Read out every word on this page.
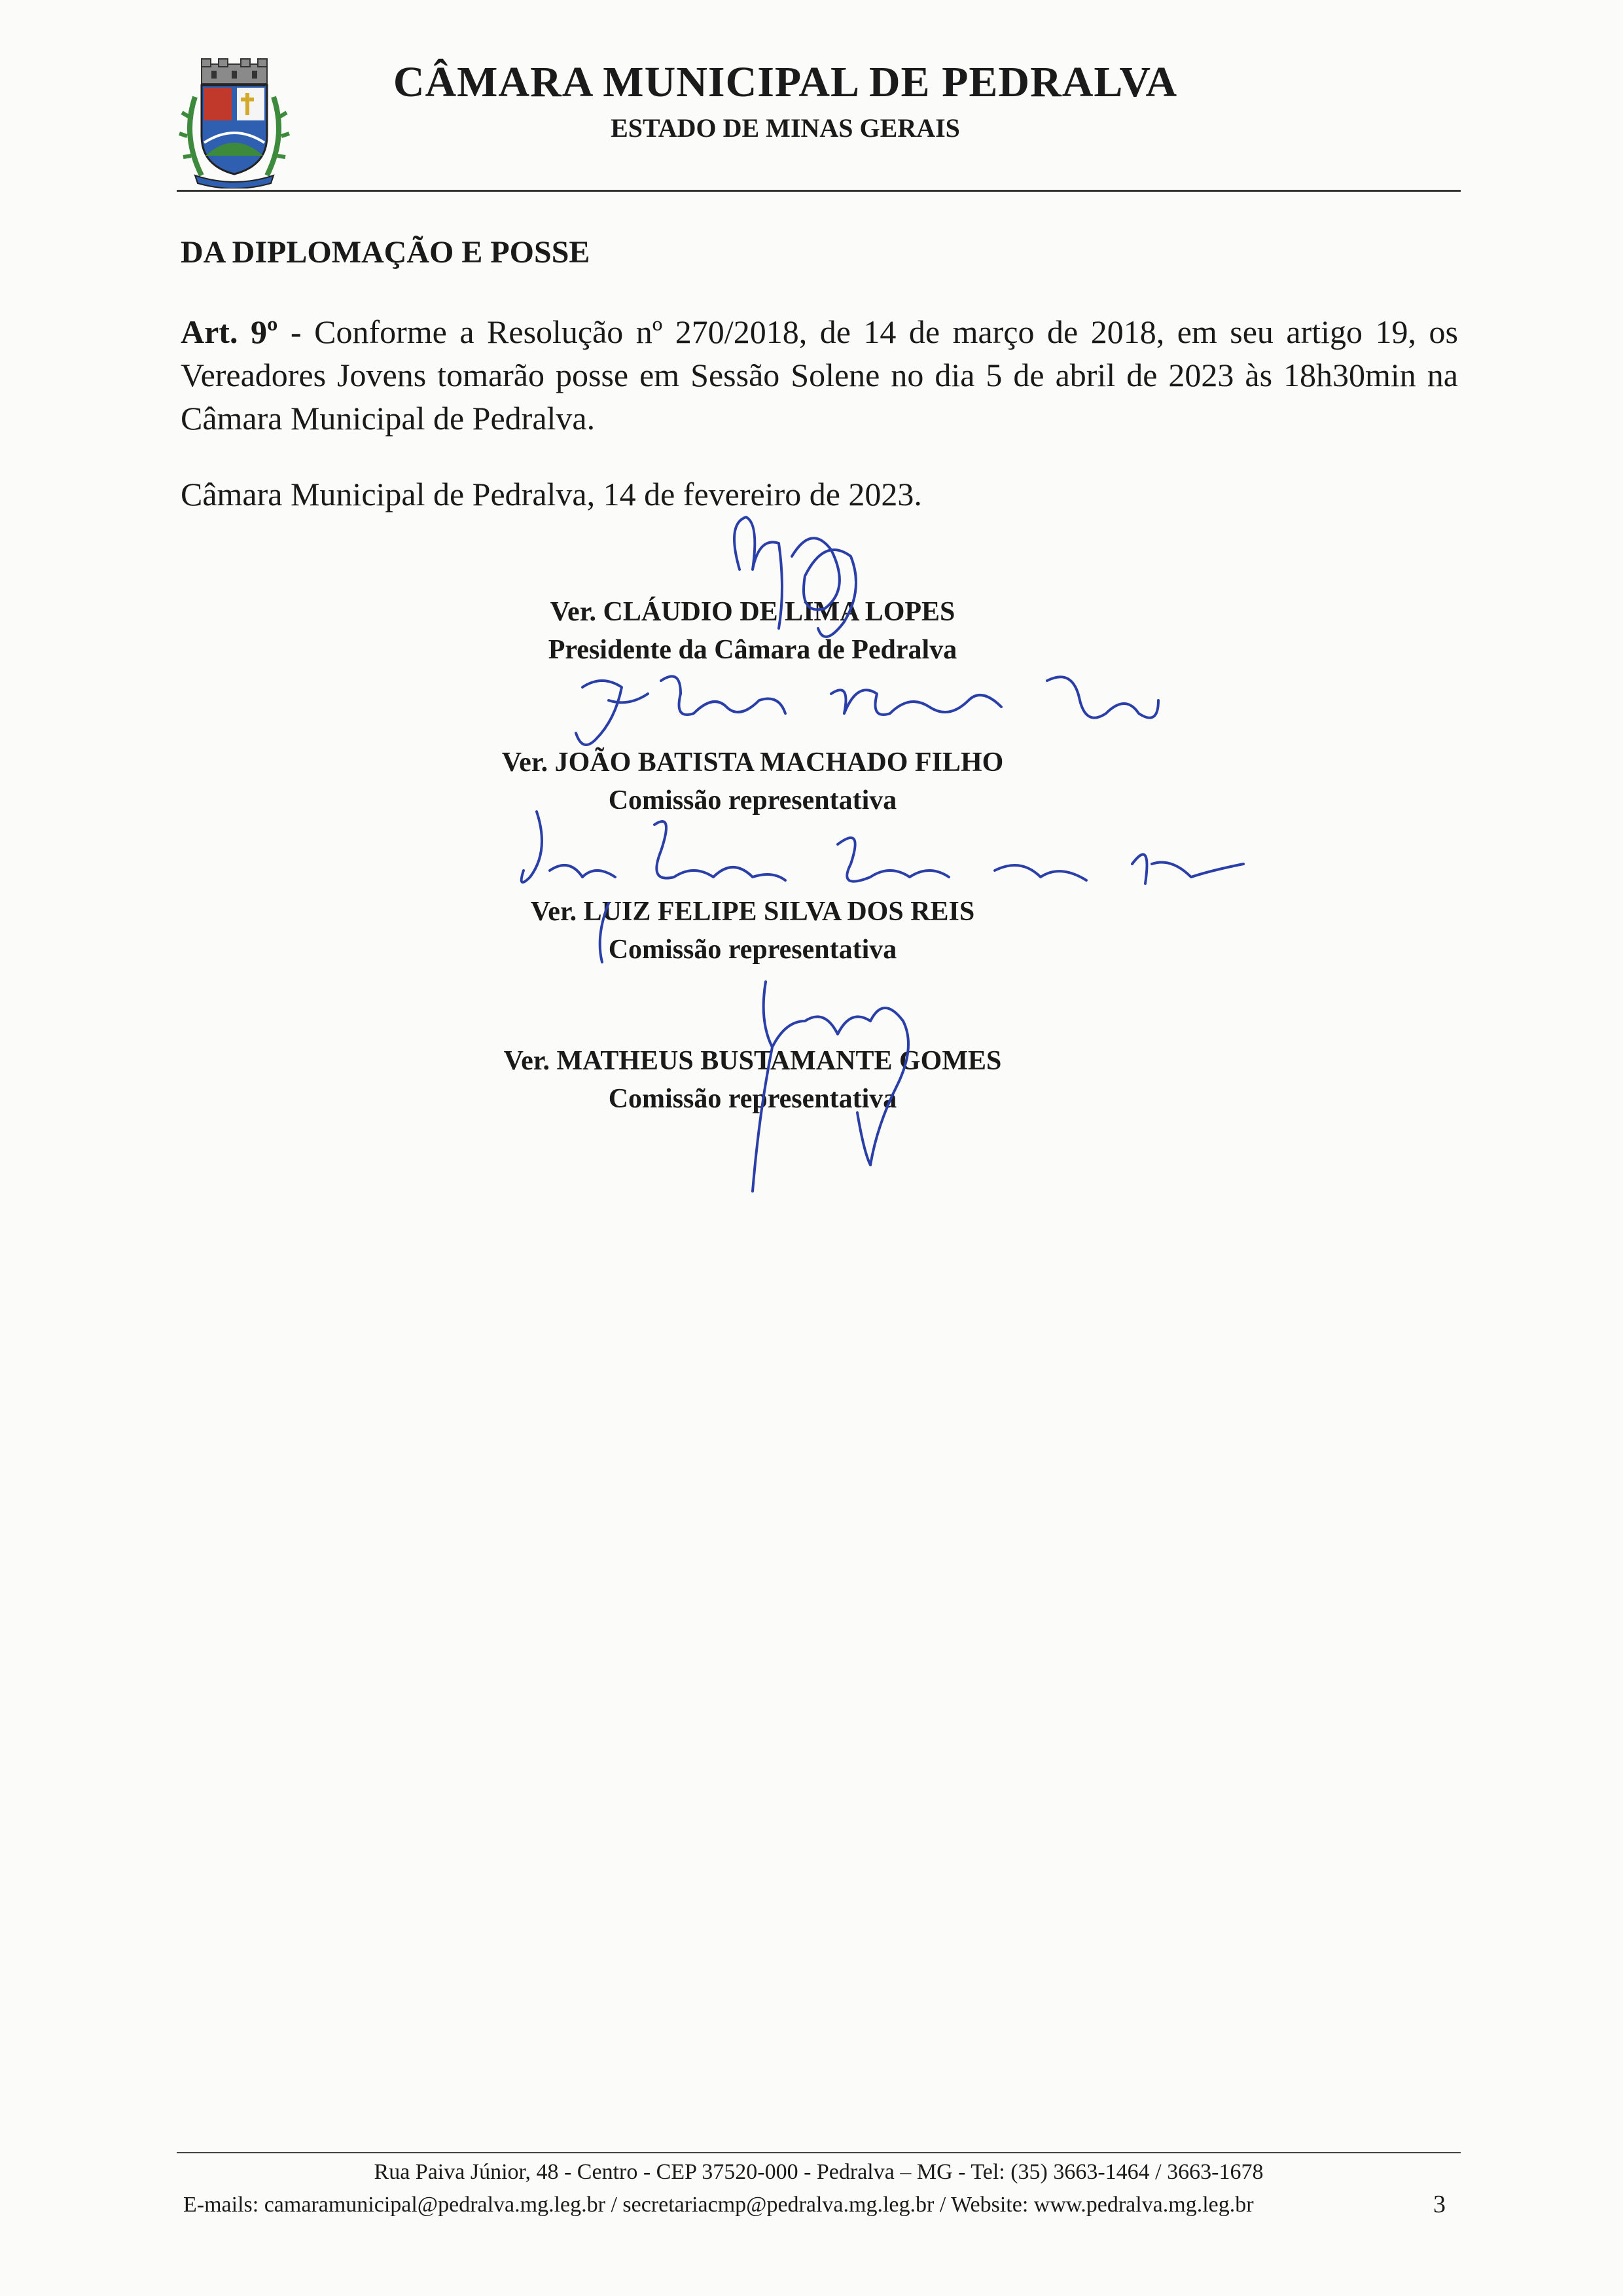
CÂMARA MUNICIPAL DE PEDRALVA
ESTADO DE MINAS GERAIS
DA DIPLOMAÇÃO E POSSE
Art. 9º - Conforme a Resolução nº 270/2018, de 14 de março de 2018, em seu artigo 19, os Vereadores Jovens tomarão posse em Sessão Solene no dia 5 de abril de 2023 às 18h30min na Câmara Municipal de Pedralva.
Câmara Municipal de Pedralva, 14 de fevereiro de 2023.
Ver. CLÁUDIO DE LIMA LOPES
Presidente da Câmara de Pedralva
Ver. JOÃO BATISTA MACHADO FILHO
Comissão representativa
Ver. LUIZ FELIPE SILVA DOS REIS
Comissão representativa
Ver. MATHEUS BUSTAMANTE GOMES
Comissão representativa
Rua Paiva Júnior, 48 - Centro - CEP 37520-000 - Pedralva – MG - Tel: (35) 3663-1464 / 3663-1678
E-mails: camaramunicipal@pedralva.mg.leg.br / secretariacmp@pedralva.mg.leg.br / Website: www.pedralva.mg.leg.br	3
